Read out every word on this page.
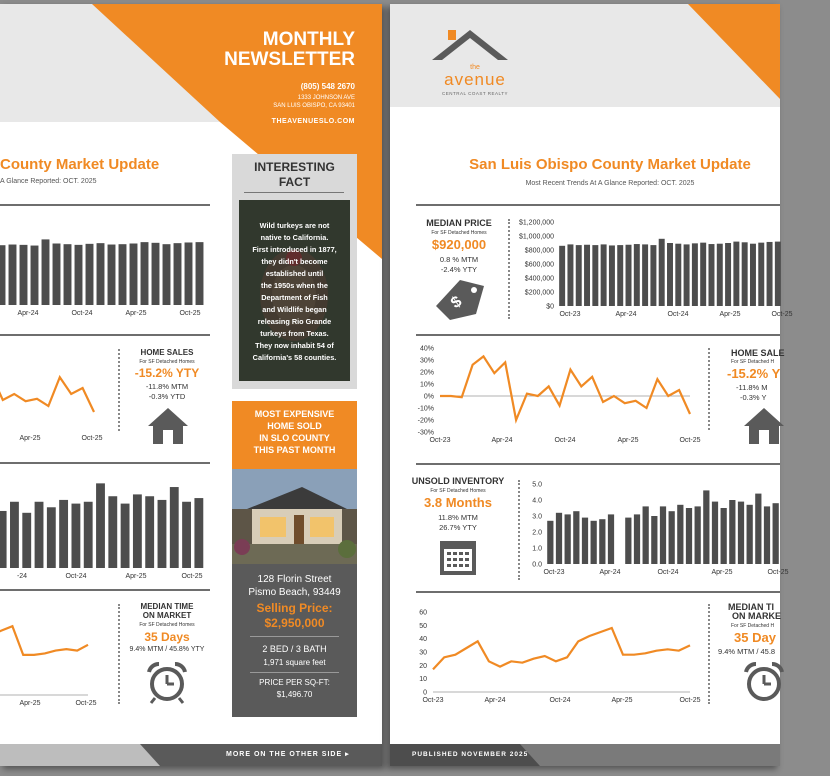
MONTHLY
NEWSLETTER
(805) 548 2670
1333 JOHNSON AVE
SAN LUIS OBISPO, CA 93401
THEAVENUESLO.COM
County Market Update
A Glance Reported: OCT. 2025
Apr-24	Oct-24	Apr-25	Oct-25
Apr-25	Oct-25
-24	Oct-24	Apr-25	Oct-25
Apr-25	Oct-25
HOME SALES
For SF Detached Homes
-15.2% YTY
-11.8% MTM
-0.3% YTD
MEDIAN TIME
ON MARKET
For SF Detached Homes
35 Days
9.4% MTM / 45.8% YTY
INTERESTING
FACT
Wild turkeys are not
native to California.
First introduced in 1877,
they didn't become
established until
the 1950s when the
Department of Fish
and Wildlife began
releasing Rio Grande
turkeys from Texas.
They now inhabit 54 of
California's 58 counties.
MOST EXPENSIVE
HOME SOLD
IN SLO COUNTY
THIS PAST MONTH
128 Florin Street
Pismo Beach, 93449
Selling Price:
$2,950,000
2 BED / 3 BATH
1,971 square feet
PRICE PER SQ-FT:
$1,496.70
MORE ON THE OTHER SIDE ▸
the
avenue
CENTRAL COAST REALTY
San Luis Obispo County Market Update
Most Recent Trends At A Glance Reported: OCT. 2025
MEDIAN PRICE
For SF Detached Homes
$920,000
0.8 % MTM
-2.4% YTY
$
UNSOLD INVENTORY
For SF Detached Homes
3.8 Months
11.8% MTM
26.7% YTY
HOME SALE
For SF Detached H
-15.2% Y
-11.8% M
-0.3% Y
MEDIAN TI
ON MARKE
For SF Detached H
35 Day
9.4% MTM / 45.8
$1,200,000
$1,000,000
$800,000
$600,000
$400,000
$200,000
$0
Oct-23	Apr-24	Oct-24	Apr-25	Oct-25
40%
30%
20%
10%
0%
-10%
-20%
-30%
Oct-23	Apr-24	Oct-24	Apr-25	Oct-25
5.0
4.0
3.0
2.0
1.0
0.0
Oct-23	Apr-24	Oct-24	Apr-25	Oct-25
60
50
40
30
20
10
0
Oct-23	Apr-24	Oct-24	Apr-25	Oct-25
PUBLISHED NOVEMBER 2025
